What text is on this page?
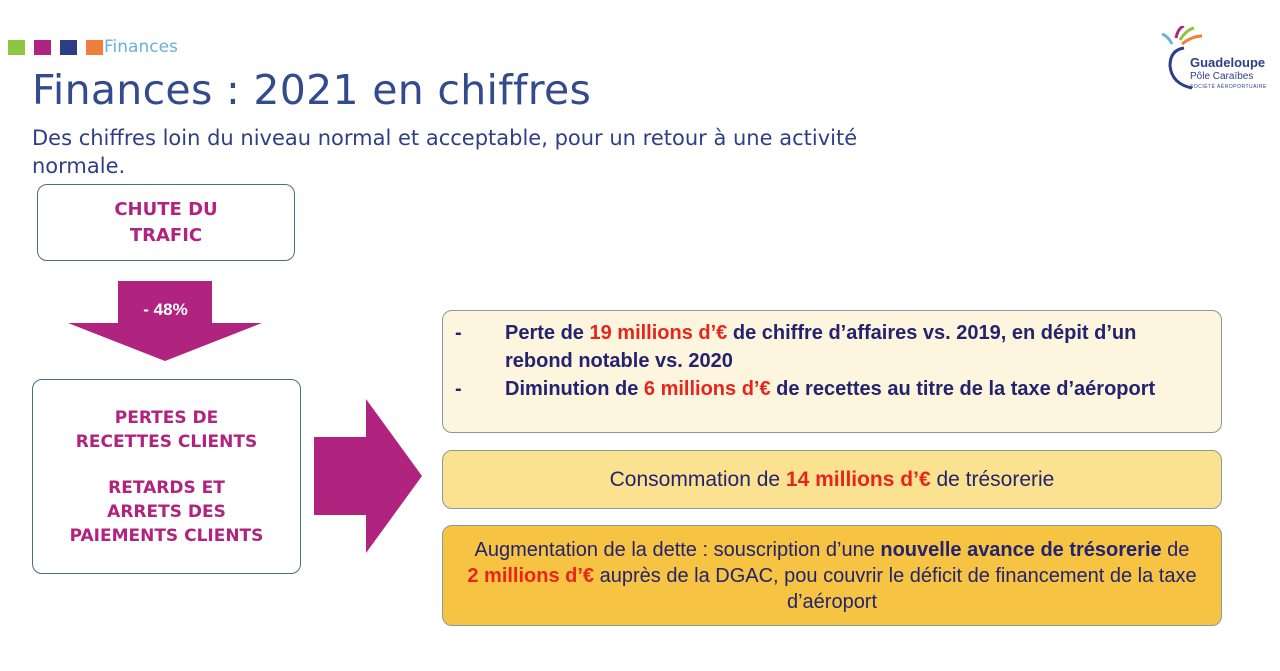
Finances
Finances : 2021 en chiffres
Des chiffres loin du niveau normal et acceptable, pour un retour à une activité normale.
Guadeloupe
Pôle Caraïbes
SOCIÉTÉ AÉROPORTUAIRE
CHUTE DU
TRAFIC
- 48%
PERTES DE
RECETTES CLIENTS
RETARDS ET
ARRETS DES
PAIEMENTS CLIENTS
-	Perte de 19 millions d’€ de chiffre d’affaires vs. 2019, en dépit d’un rebond notable vs. 2020
-	Diminution de 6 millions d’€ de recettes au titre de la taxe d’aéroport
Consommation de 14 millions d’€ de trésorerie
Augmentation de la dette : souscription d’une nouvelle avance de trésorerie de 2 millions d’€ auprès de la DGAC, pou couvrir le déficit de financement de la taxe d’aéroport
